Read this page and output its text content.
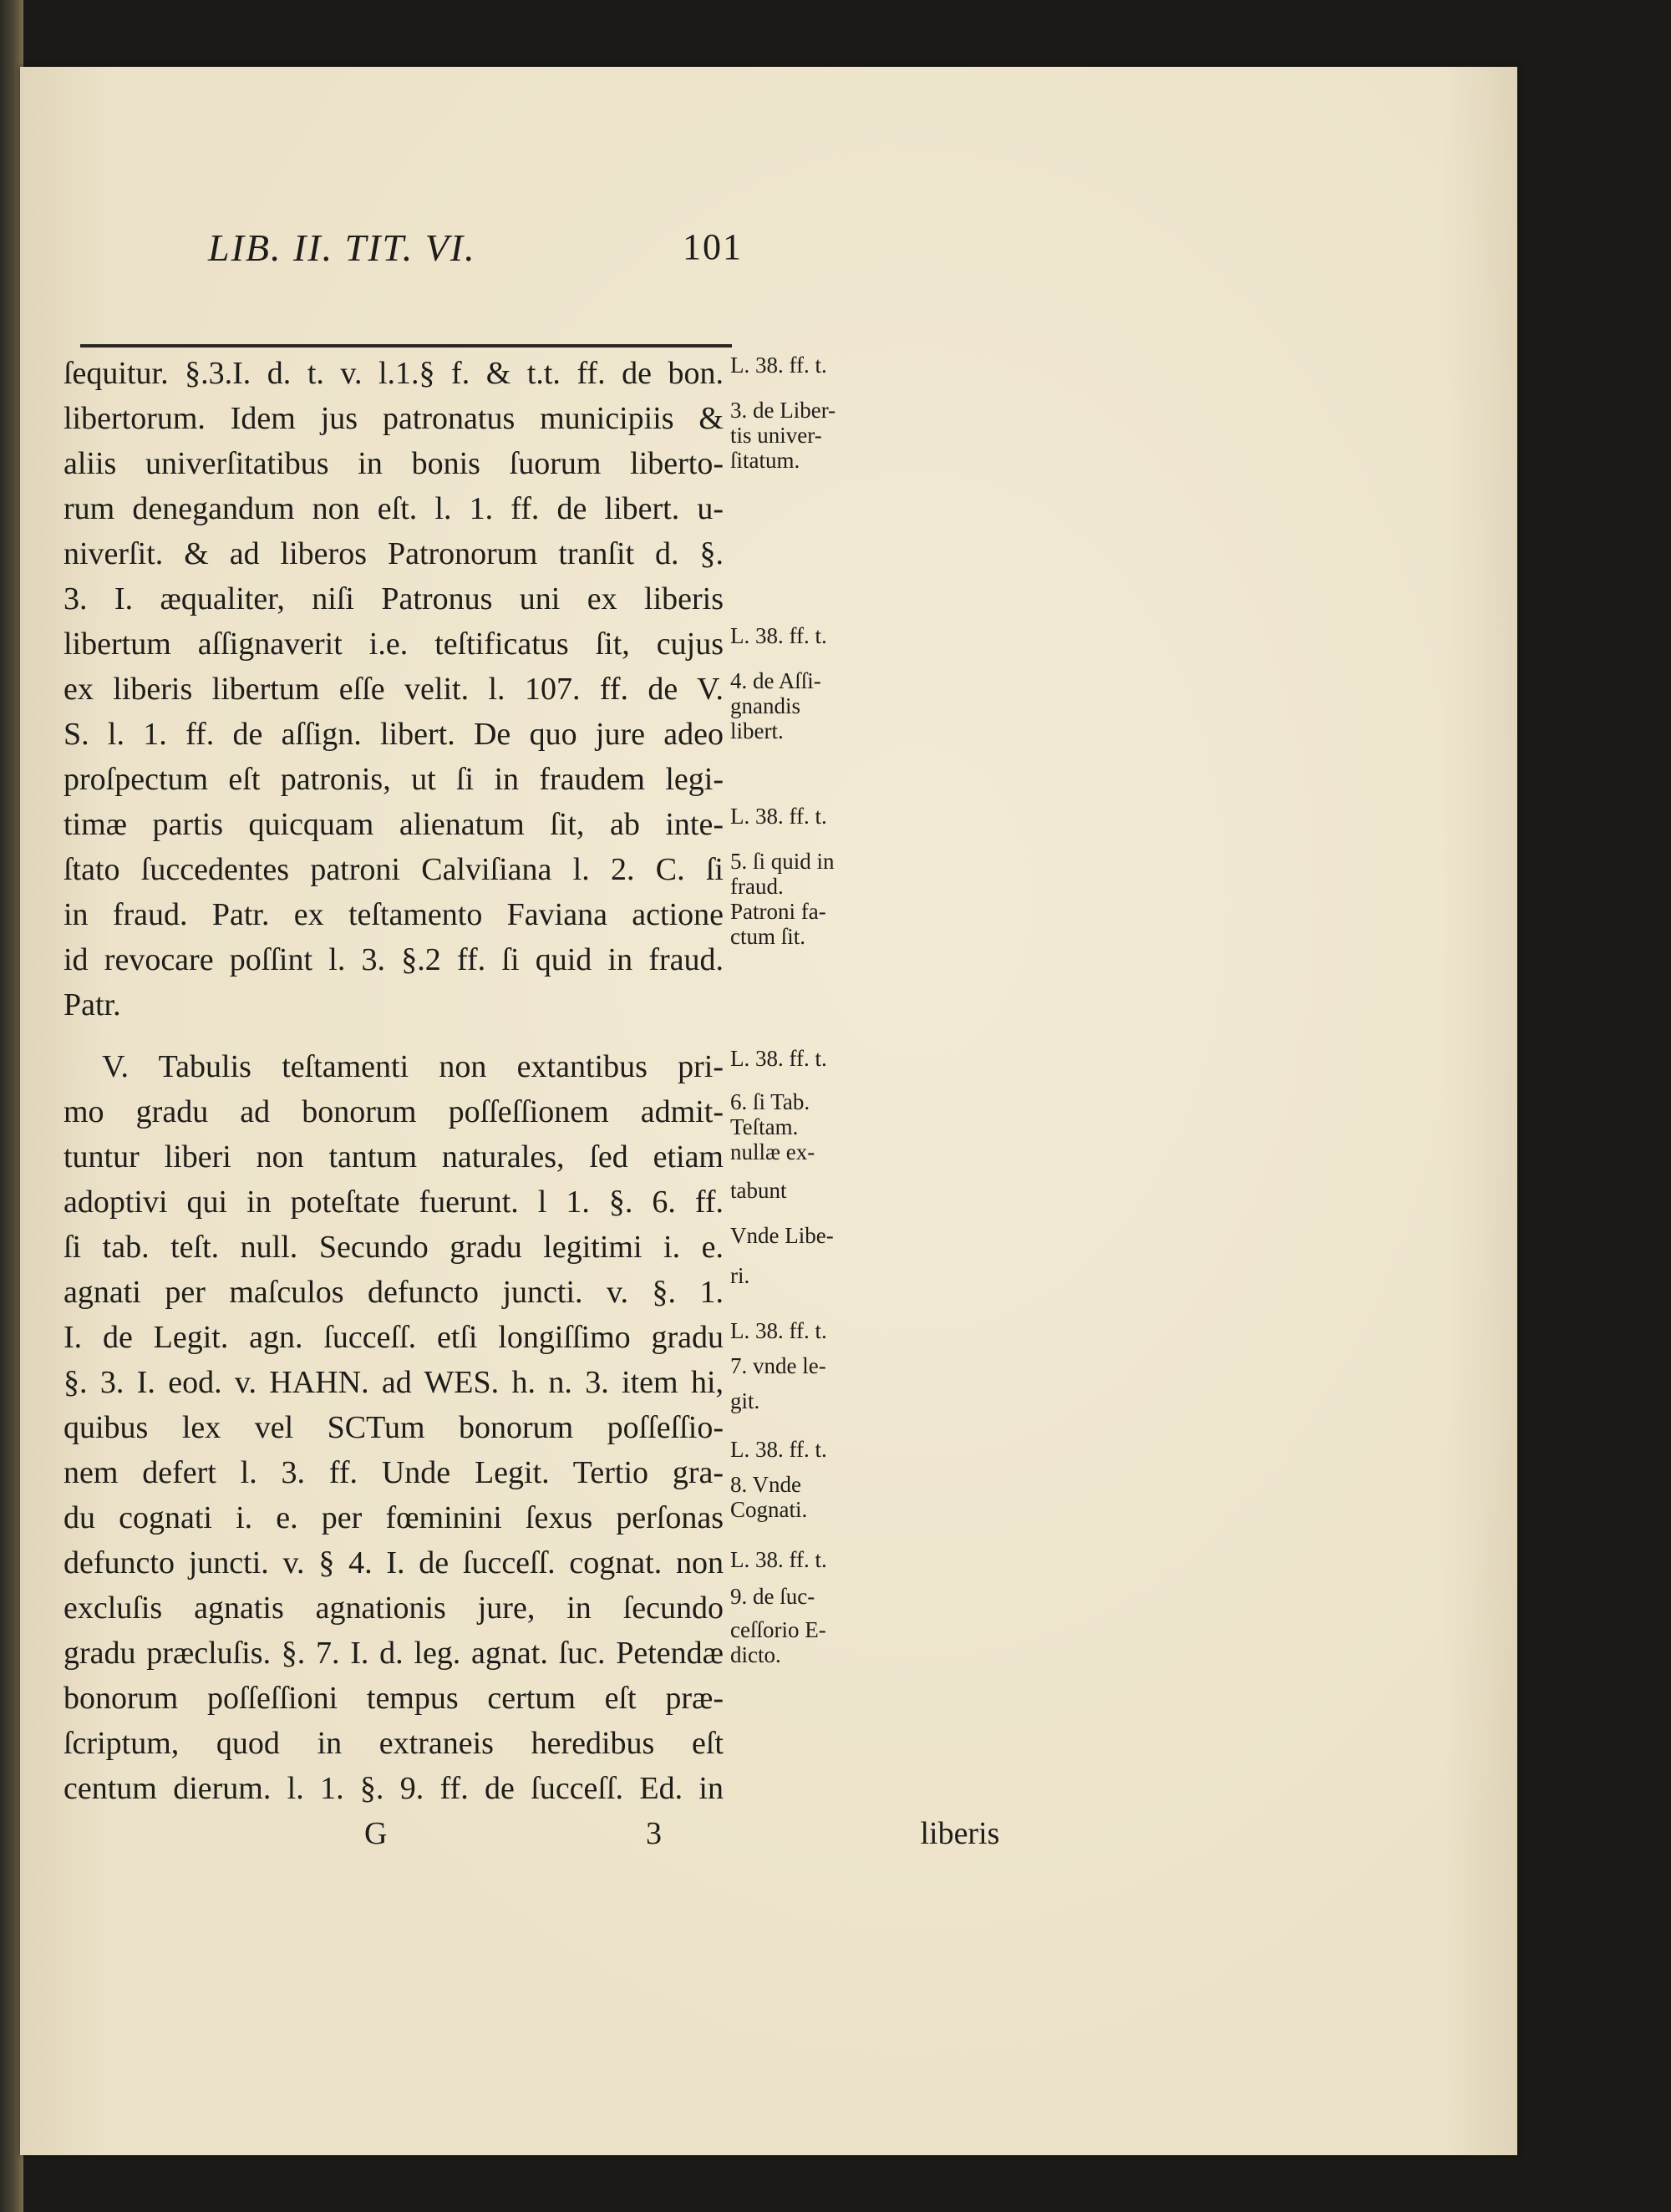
LIB. II. TIT. VI.	101
ſequitur. §.3.I. d. t. v. l.1.§ f. & t.t. ff. de bon.
libertorum. Idem jus patronatus municipiis &
aliis univerſitatibus in bonis ſuorum liberto-
rum denegandum non eſt. l. 1. ff. de libert. u-
niverſit. & ad liberos Patronorum tranſit d. §.
3. I. æqualiter, niſi Patronus uni ex liberis
libertum aſſignaverit i.e. teſtificatus ſit, cujus
ex liberis libertum eſſe velit. l. 107. ff. de V.
S. l. 1. ff. de aſſign. libert. De quo jure adeo
proſpectum eſt patronis, ut ſi in fraudem legi-
timæ partis quicquam alienatum ſit, ab inte-
ſtato ſuccedentes patroni Calviſiana l. 2. C. ſi
in fraud. Patr. ex teſtamento Faviana actione
id revocare poſſint l. 3. §.2 ff. ſi quid in fraud.
Patr.
V. Tabulis teſtamenti non extantibus pri-
mo gradu ad bonorum poſſeſſionem admit-
tuntur liberi non tantum naturales, ſed etiam
adoptivi qui in poteſtate fuerunt. l 1. §. 6. ff.
ſi tab. teſt. null. Secundo gradu legitimi i. e.
agnati per maſculos defuncto juncti. v. §. 1.
I. de Legit. agn. ſucceſſ. etſi longiſſimo gradu
§. 3. I. eod. v. HAHN. ad WES. h. n. 3. item hi,
quibus lex vel SCTum bonorum poſſeſſio-
nem defert l. 3. ff. Unde Legit. Tertio gra-
du cognati i. e. per fœminini ſexus perſonas
defuncto juncti. v. § 4. I. de ſucceſſ. cognat. non
excluſis agnatis agnationis jure, in ſecundo
gradu præcluſis. §. 7. I. d. leg. agnat. ſuc. Petendæ
bonorum poſſeſſioni tempus certum eſt præ-
ſcriptum, quod in extraneis heredibus eſt
centum dierum. l. 1. §. 9. ff. de ſucceſſ. Ed. in
G 3	liberis
L. 38. ff. t.
3. de Liber-
tis univer-
ſitatum.
L. 38. ff. t.
4. de Aſſi-
gnandis
libert.
L. 38. ff. t.
5. ſi quid in
fraud.
Patroni fa-
ctum ſit.
L. 38. ff. t.
6. ſi Tab.
Teſtam.
nullæ ex-
tabunt
Vnde Libe-
ri.
L. 38. ff. t.
7. vnde le-
git.
L. 38. ff. t.
8. Vnde
Cognati.
L. 38. ff. t.
9. de ſuc-
ceſſorio E-
dicto.
